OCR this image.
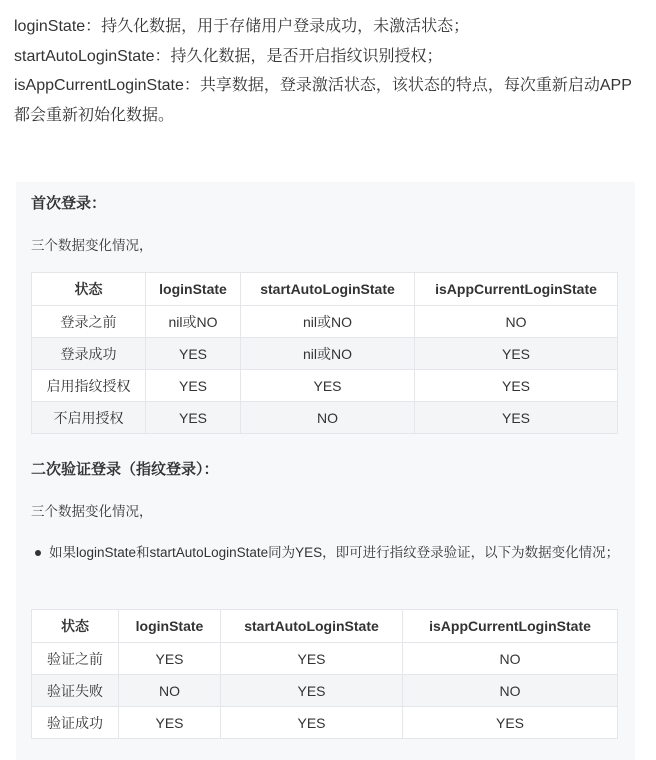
loginState：持久化数据，用于存储用户登录成功，未激活状态；

startAutoLoginState：持久化数据，是否开启指纹识别授权；

isAppCurrentLoginState：共享数据，登录激活状态，该状态的特点，每次重新启动APP都会重新初始化数据。

首次登录：
三个数据变化情况，
状态	loginState	startAutoLoginState	isAppCurrentLoginState
登录之前	nil或NO	nil或NO	NO
登录成功	YES	nil或NO	YES
启用指纹授权	YES	YES	YES
不启用授权	YES	NO	YES
二次验证登录（指纹登录）：
三个数据变化情况，
如果loginState和startAutoLoginState同为YES，即可进行指纹登录验证，以下为数据变化情况；
状态	loginState	startAutoLoginState	isAppCurrentLoginState
验证之前	YES	YES	NO
验证失败	NO	YES	NO
验证成功	YES	YES	YES
